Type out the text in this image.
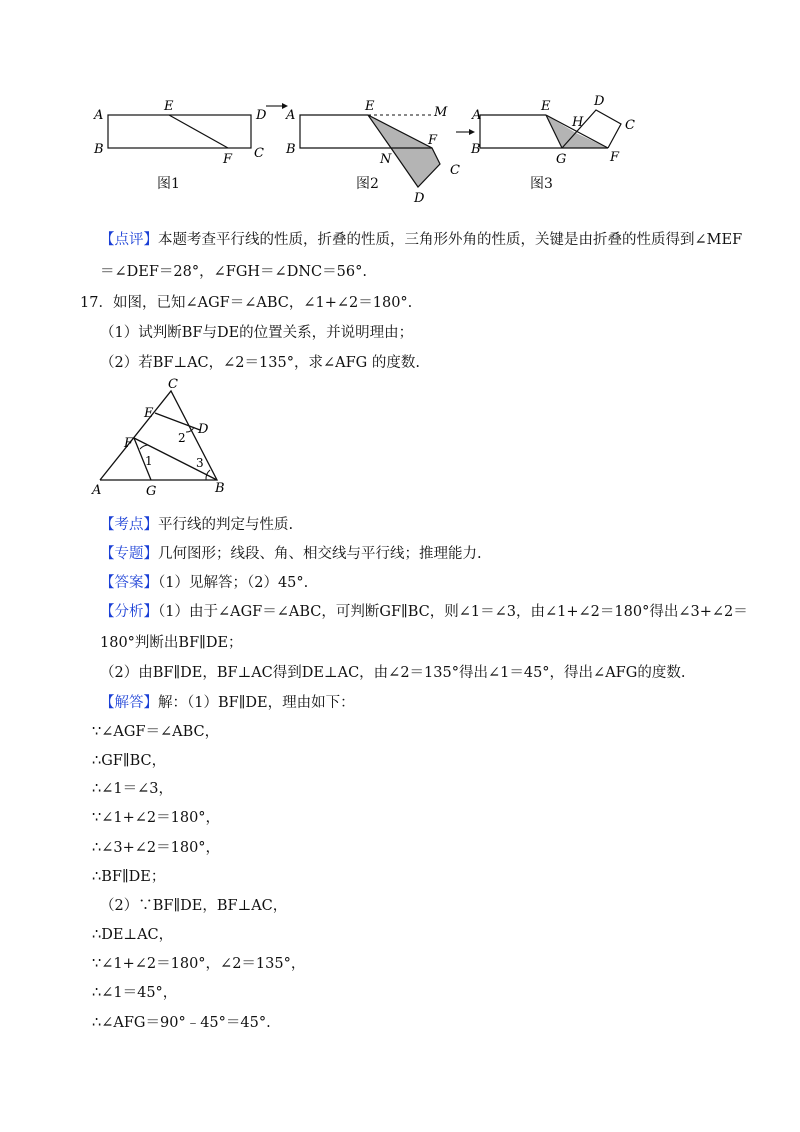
A
B
E
D
C
F
A
B
E	M
F
N
C
D
A
B
E
H
D
C
G	F
图1	图2	图3
【点评】本题考查平行线的性质，折叠的性质，三角形外角的性质，关键是由折叠的性质得到∠MEF
＝∠DEF＝28°，∠FGH＝∠DNC＝56°.
17．如图，已知∠AGF＝∠ABC，∠1+∠2＝180°.
（1）试判断BF与DE的位置关系，并说明理由；
（2）若BF⊥AC，∠2＝135°，求∠AFG 的度数.
C
E
D
F
A	G	B
1
2
3
【考点】平行线的判定与性质.
【专题】几何图形；线段、角、相交线与平行线；推理能力.
【答案】（1）见解答；（2）45°.
【分析】（1）由于∠AGF＝∠ABC，可判断GF∥BC，则∠1＝∠3，由∠1+∠2＝180°得出∠3+∠2＝
180°判断出BF∥DE；
（2）由BF∥DE，BF⊥AC得到DE⊥AC，由∠2＝135°得出∠1＝45°，得出∠AFG的度数.
【解答】解：（1）BF∥DE，理由如下：
∵∠AGF＝∠ABC，
∴GF∥BC，
∴∠1＝∠3，
∵∠1+∠2＝180°，
∴∠3+∠2＝180°，
∴BF∥DE；
（2）∵BF∥DE，BF⊥AC，
∴DE⊥AC，
∵∠1+∠2＝180°，∠2＝135°，
∴∠1＝45°，
∴∠AFG＝90°﹣45°＝45°.
